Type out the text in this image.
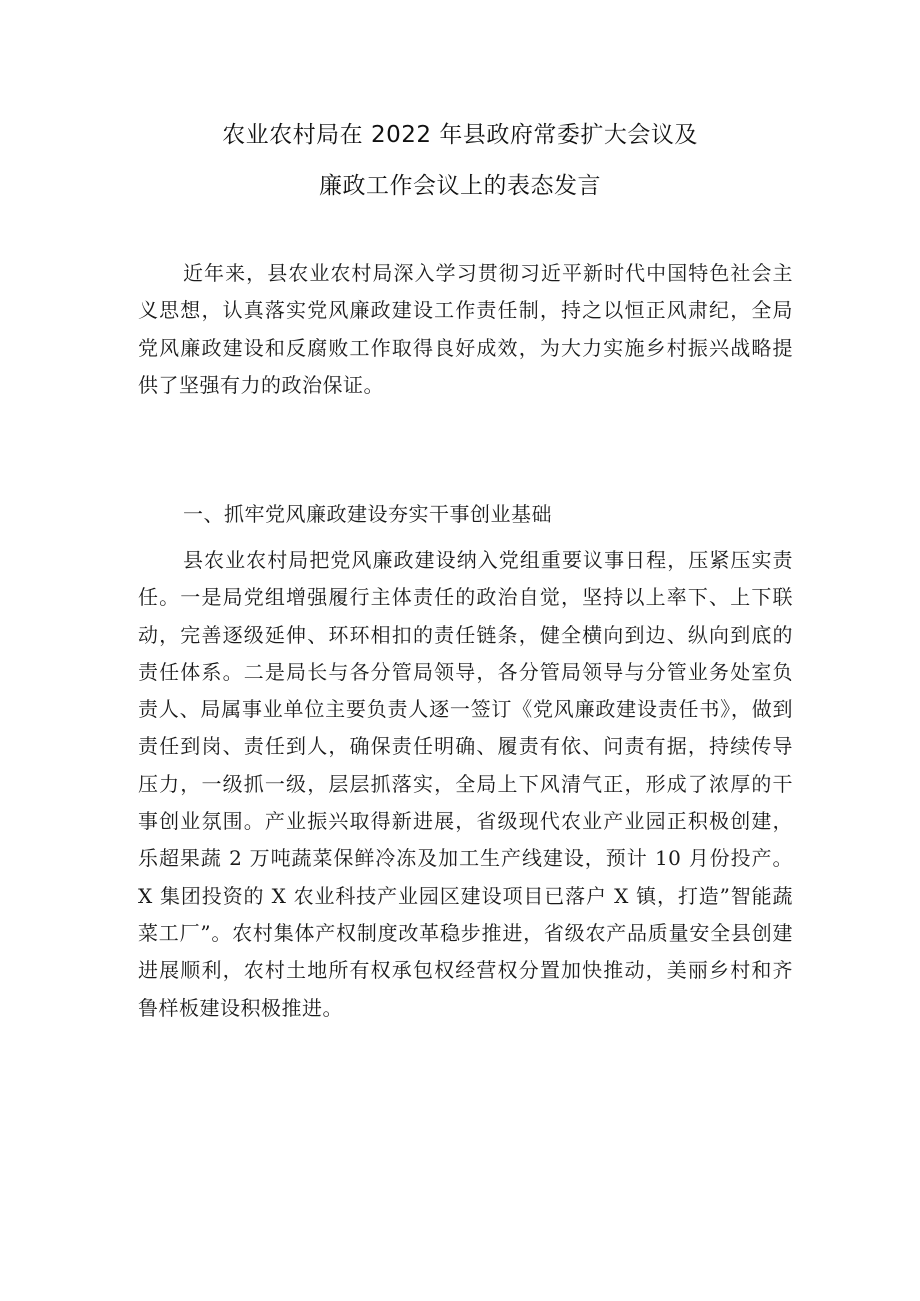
农业农村局在 2022 年县政府常委扩大会议及
廉政工作会议上的表态发言

近年来，县农业农村局深入学习贯彻习近平新时代中国特色社会主义思想，认真落实党风廉政建设工作责任制，持之以恒正风肃纪，全局党风廉政建设和反腐败工作取得良好成效，为大力实施乡村振兴战略提供了坚强有力的政治保证。

一、抓牢党风廉政建设夯实干事创业基础

县农业农村局把党风廉政建设纳入党组重要议事日程，压紧压实责任。一是局党组增强履行主体责任的政治自觉，坚持以上率下、上下联动，完善逐级延伸、环环相扣的责任链条，健全横向到边、纵向到底的责任体系。二是局长与各分管局领导，各分管局领导与分管业务处室负责人、局属事业单位主要负责人逐一签订《党风廉政建设责任书》，做到责任到岗、责任到人，确保责任明确、履责有依、问责有据，持续传导压力，一级抓一级，层层抓落实，全局上下风清气正，形成了浓厚的干事创业氛围。产业振兴取得新进展，省级现代农业产业园正积极创建，乐超果蔬 2 万吨蔬菜保鲜冷冻及加工生产线建设，预计 10 月份投产。X 集团投资的 X 农业科技产业园区建设项目已落户 X 镇，打造”智能蔬菜工厂”。农村集体产权制度改革稳步推进，省级农产品质量安全县创建进展顺利，农村土地所有权承包权经营权分置加快推动，美丽乡村和齐鲁样板建设积极推进。
